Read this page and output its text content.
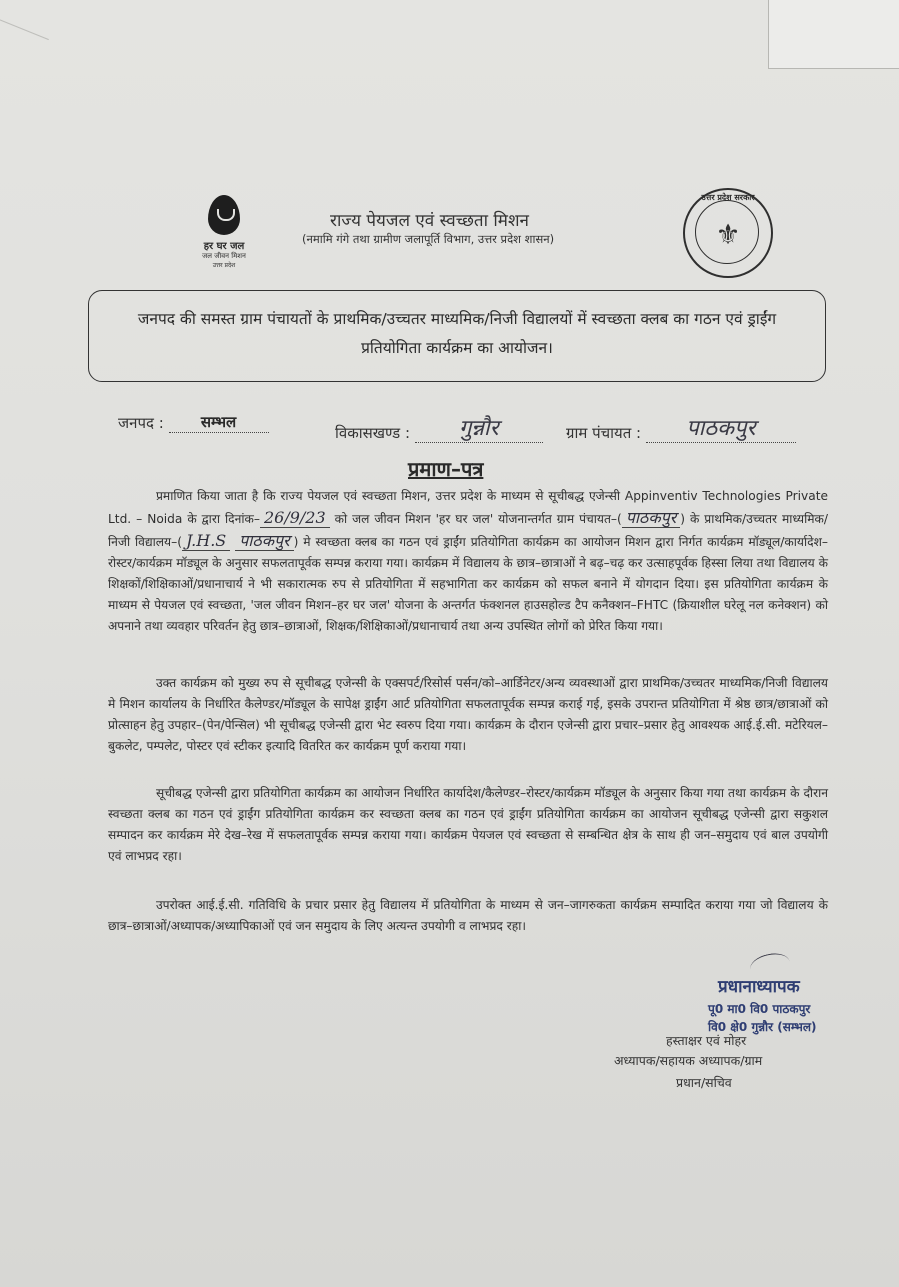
हर घर जल
जल जीवन मिशन
उत्तर प्रदेश
राज्य पेयजल एवं स्वच्छता मिशन
(नमामि गंगे तथा ग्रामीण जलापूर्ति विभाग, उत्तर प्रदेश शासन)
उत्तर प्रदेश सरकार
⚜

जनपद की समस्त ग्राम पंचायतों के प्राथमिक/उच्चतर माध्यमिक/निजी विद्यालयों में स्वच्छता क्लब का गठन एवं ड्राईंग प्रतियोगिता कार्यक्रम का आयोजन।

जनपद : सम्भल
विकासखण्ड : गुन्नौर	ग्राम पंचायत : पाठकपुर
प्रमाण–पत्र
प्रमाणित किया जाता है कि राज्य पेयजल एवं स्वच्छता मिशन, उत्तर प्रदेश के माध्यम से सूचीबद्ध एजेन्सी Appinventiv Technologies Private Ltd. – Noida के द्वारा दिनांक– 26/9/23 को जल जीवन मिशन 'हर घर जल' योजनान्तर्गत ग्राम पंचायत–( पाठकपुर ) के प्राथमिक/उच्चतर माध्यमिक/निजी विद्यालय–( J.H.S पाठकपुर ) मे स्वच्छता क्लब का गठन एवं ड्राईंग प्रतियोगिता कार्यक्रम का आयोजन मिशन द्वारा निर्गत कार्यक्रम मॉड्यूल/कार्यादेश–रोस्टर/कार्यक्रम मॉड्यूल के अनुसार सफलतापूर्वक सम्पन्न कराया गया। कार्यक्रम में विद्यालय के छात्र–छात्राओं ने बढ़–चढ़ कर उत्साहपूर्वक हिस्सा लिया तथा विद्यालय के शिक्षकों/शिक्षिकाओं/प्रधानाचार्य ने भी सकारात्मक रुप से प्रतियोगिता में सहभागिता कर कार्यक्रम को सफल बनाने में योगदान दिया। इस प्रतियोगिता कार्यक्रम के माध्यम से पेयजल एवं स्वच्छता, 'जल जीवन मिशन–हर घर जल' योजना के अन्तर्गत फंक्शनल हाउसहोल्ड टैप कनैक्शन–FHTC (क्रियाशील घरेलू नल कनेक्शन) को अपनाने तथा व्यवहार परिवर्तन हेतु छात्र–छात्राओं, शिक्षक/शिक्षिकाओं/प्रधानाचार्य तथा अन्य उपस्थित लोगों को प्रेरित किया गया।
उक्त कार्यक्रम को मुख्य रुप से सूचीबद्ध एजेन्सी के एक्सपर्ट/रिसोर्स पर्सन/को–आर्डिनेटर/अन्य व्यवस्थाओं द्वारा प्राथमिक/उच्चतर माध्यमिक/निजी विद्यालय मे मिशन कार्यालय के निर्धारित कैलेण्डर/मॉड्यूल के सापेक्ष ड्राईंग आर्ट प्रतियोगिता सफलतापूर्वक सम्पन्न कराई गई, इसके उपरान्त प्रतियोगिता में श्रेष्ठ छात्र/छात्राओं को प्रोत्साहन हेतु उपहार–(पेन/पेन्सिल) भी सूचीबद्ध एजेन्सी द्वारा भेट स्वरुप दिया गया। कार्यक्रम के दौरान एजेन्सी द्वारा प्रचार–प्रसार हेतु आवश्यक आई.ई.सी. मटेरियल–बुकलेट, पम्पलेट, पोस्टर एवं स्टीकर इत्यादि वितरित कर कार्यक्रम पूर्ण कराया गया।
सूचीबद्ध एजेन्सी द्वारा प्रतियोगिता कार्यक्रम का आयोजन निर्धारित कार्यादेश/कैलेण्डर–रोस्टर/कार्यक्रम मॉड्यूल के अनुसार किया गया तथा कार्यक्रम के दौरान स्वच्छता क्लब का गठन एवं ड्राईंग प्रतियोगिता कार्यक्रम कर स्वच्छता क्लब का गठन एवं ड्राईंग प्रतियोगिता कार्यक्रम का आयोजन सूचीबद्ध एजेन्सी द्वारा सकुशल सम्पादन कर कार्यक्रम मेरे देख–रेख में सफलतापूर्वक सम्पन्न कराया गया। कार्यक्रम पेयजल एवं स्वच्छता से सम्बन्धित क्षेत्र के साथ ही जन–समुदाय एवं बाल उपयोगी एवं लाभप्रद रहा।
उपरोक्त आई.ई.सी. गतिविधि के प्रचार प्रसार हेतु विद्यालय में प्रतियोगिता के माध्यम से जन–जागरुकता कार्यक्रम सम्पादित कराया गया जो विद्यालय के छात्र–छात्राओं/अध्यापक/अध्यापिकाओं एवं जन समुदाय के लिए अत्यन्त उपयोगी व लाभप्रद रहा।
प्रधानाध्यापक
पू0 मा0 वि0 पाठकपुर
वि0 क्षे0 गुन्नौर (सम्भल)
हस्ताक्षर एवं मोहर
अध्यापक/सहायक अध्यापक/ग्राम
प्रधान/सचिव
